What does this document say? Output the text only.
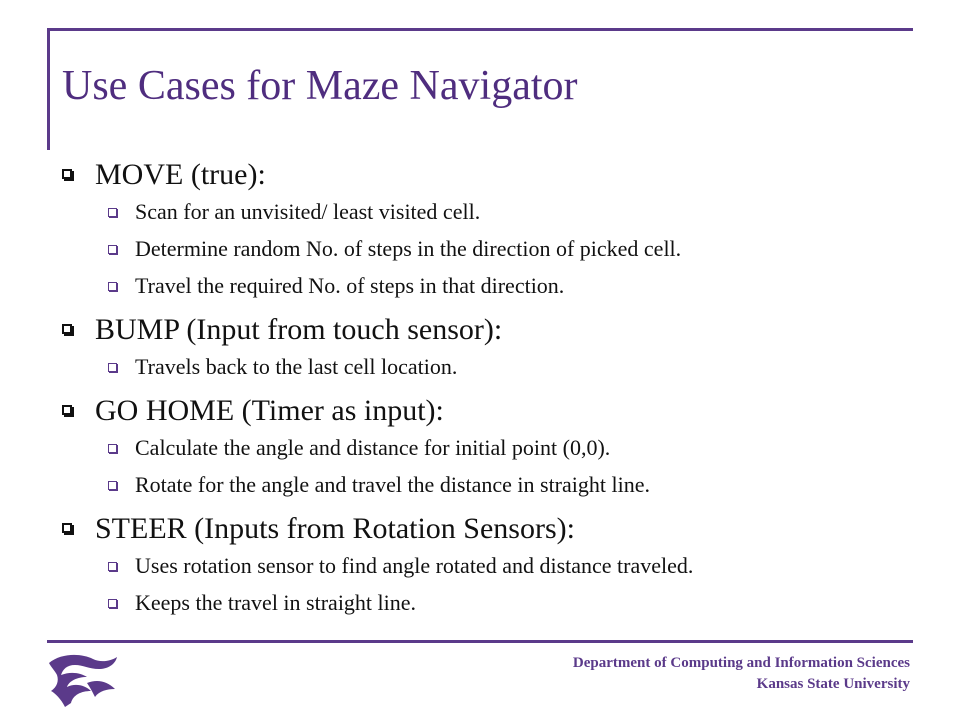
Use Cases for Maze Navigator
MOVE (true):
Scan for an unvisited/ least visited cell.
Determine random No. of steps in the direction of picked cell.
Travel the required No. of steps in that direction.
BUMP (Input from touch sensor):
Travels back to the last cell location.
GO HOME (Timer as input):
Calculate the angle and distance for initial point (0,0).
Rotate for the angle and travel the distance in straight line.
STEER (Inputs from Rotation Sensors):
Uses rotation sensor to find angle rotated and distance traveled.
Keeps the travel in straight line.
Department of Computing and Information Sciences
Kansas State University
